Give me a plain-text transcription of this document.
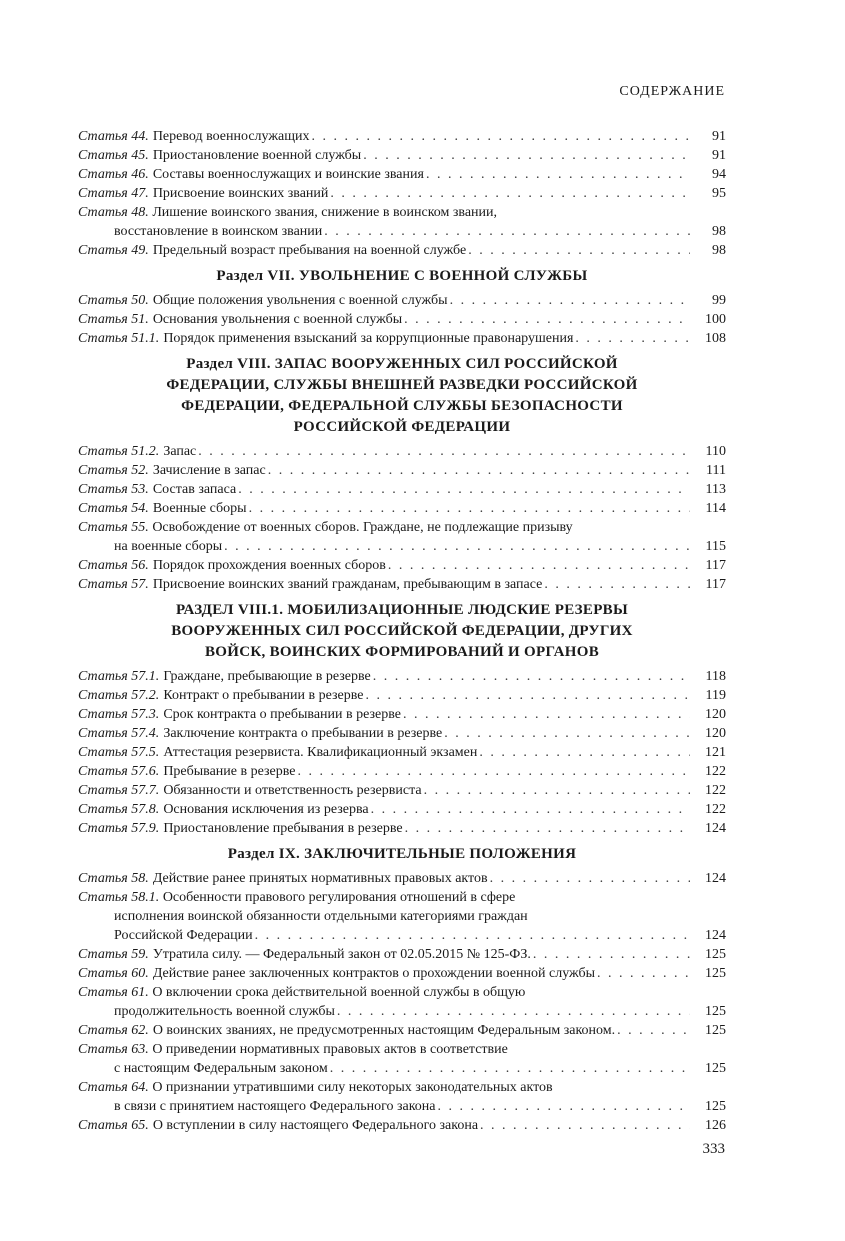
СОДЕРЖАНИЕ
Статья 44. Перевод военнослужащих . . .	91
Статья 45. Приостановление военной службы . . .	91
Статья 46. Составы военнослужащих и воинские звания . . .	94
Статья 47. Присвоение воинских званий . . .	95
Статья 48. Лишение воинского звания, снижение в воинском звании,
восстановление в воинском звании . . .	98
Статья 49. Предельный возраст пребывания на военной службе . . .	98
Раздел VII. УВОЛЬНЕНИЕ С ВОЕННОЙ СЛУЖБЫ
Статья 50. Общие положения увольнения с военной службы . . .	99
Статья 51. Основания увольнения с военной службы . . .	100
Статья 51.1. Порядок применения взысканий за коррупционные правонарушения . . .	108
Раздел VIII. ЗАПАС ВООРУЖЕННЫХ СИЛ РОССИЙСКОЙ
ФЕДЕРАЦИИ, СЛУЖБЫ ВНЕШНЕЙ РАЗВЕДКИ РОССИЙСКОЙ
ФЕДЕРАЦИИ, ФЕДЕРАЛЬНОЙ СЛУЖБЫ БЕЗОПАСНОСТИ
РОССИЙСКОЙ ФЕДЕРАЦИИ
Статья 51.2. Запас . . .	110
Статья 52. Зачисление в запас . . .	111
Статья 53. Состав запаса . . .	113
Статья 54. Военные сборы . . .	114
Статья 55. Освобождение от военных сборов. Граждане, не подлежащие призыву
на военные сборы . . .	115
Статья 56. Порядок прохождения военных сборов . . .	117
Статья 57. Присвоение воинских званий гражданам, пребывающим в запасе . . .	117
РАЗДЕЛ VIII.1. МОБИЛИЗАЦИОННЫЕ ЛЮДСКИЕ РЕЗЕРВЫ
ВООРУЖЕННЫХ СИЛ РОССИЙСКОЙ ФЕДЕРАЦИИ, ДРУГИХ
ВОЙСК, ВОИНСКИХ ФОРМИРОВАНИЙ И ОРГАНОВ
Статья 57.1. Граждане, пребывающие в резерве . . .	118
Статья 57.2. Контракт о пребывании в резерве . . .	119
Статья 57.3. Срок контракта о пребывании в резерве . . .	120
Статья 57.4. Заключение контракта о пребывании в резерве . . .	120
Статья 57.5. Аттестация резервиста. Квалификационный экзамен . . .	121
Статья 57.6. Пребывание в резерве . . .	122
Статья 57.7. Обязанности и ответственность резервиста . . .	122
Статья 57.8. Основания исключения из резерва . . .	122
Статья 57.9. Приостановление пребывания в резерве . . .	124
Раздел IX. ЗАКЛЮЧИТЕЛЬНЫЕ ПОЛОЖЕНИЯ
Статья 58. Действие ранее принятых нормативных правовых актов . . .	124
Статья 58.1. Особенности правового регулирования отношений в сфере
исполнения воинской обязанности отдельными категориями граждан
Российской Федерации . . .	124
Статья 59. Утратила силу. — Федеральный закон от 02.05.2015 № 125-ФЗ. . . .	125
Статья 60. Действие ранее заключенных контрактов о прохождении военной службы . . .	125
Статья 61. О включении срока действительной военной службы в общую
продолжительность военной службы . . .	125
Статья 62. О воинских званиях, не предусмотренных настоящим Федеральным законом. . . .	125
Статья 63. О приведении нормативных правовых актов в соответствие
с настоящим Федеральным законом . . .	125
Статья 64. О признании утратившими силу некоторых законодательных актов
в связи с принятием настоящего Федерального закона . . .	125
Статья 65. О вступлении в силу настоящего Федерального закона . . .	126
333
